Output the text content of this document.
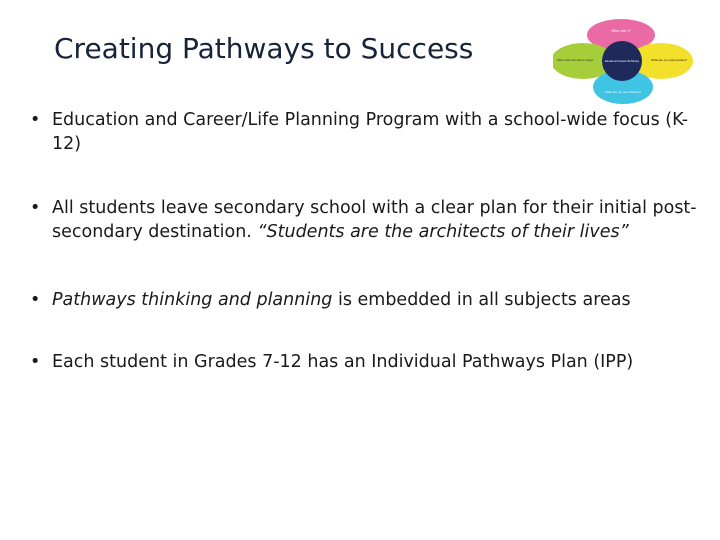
Creating Pathways to Success
Who am I?
What do I want to be / where am I going?	What are my opportunities?
What are my next choices?
Education and Career/ Life Planning
• Education and Career/Life Planning Program with a school-wide focus (K-12)
• All students leave secondary school with a clear plan for their initial post-secondary destination. “Students are the architects of their lives”
• Pathways thinking and planning is embedded in all subjects areas
• Each student in Grades 7-12 has an Individual Pathways Plan (IPP)
